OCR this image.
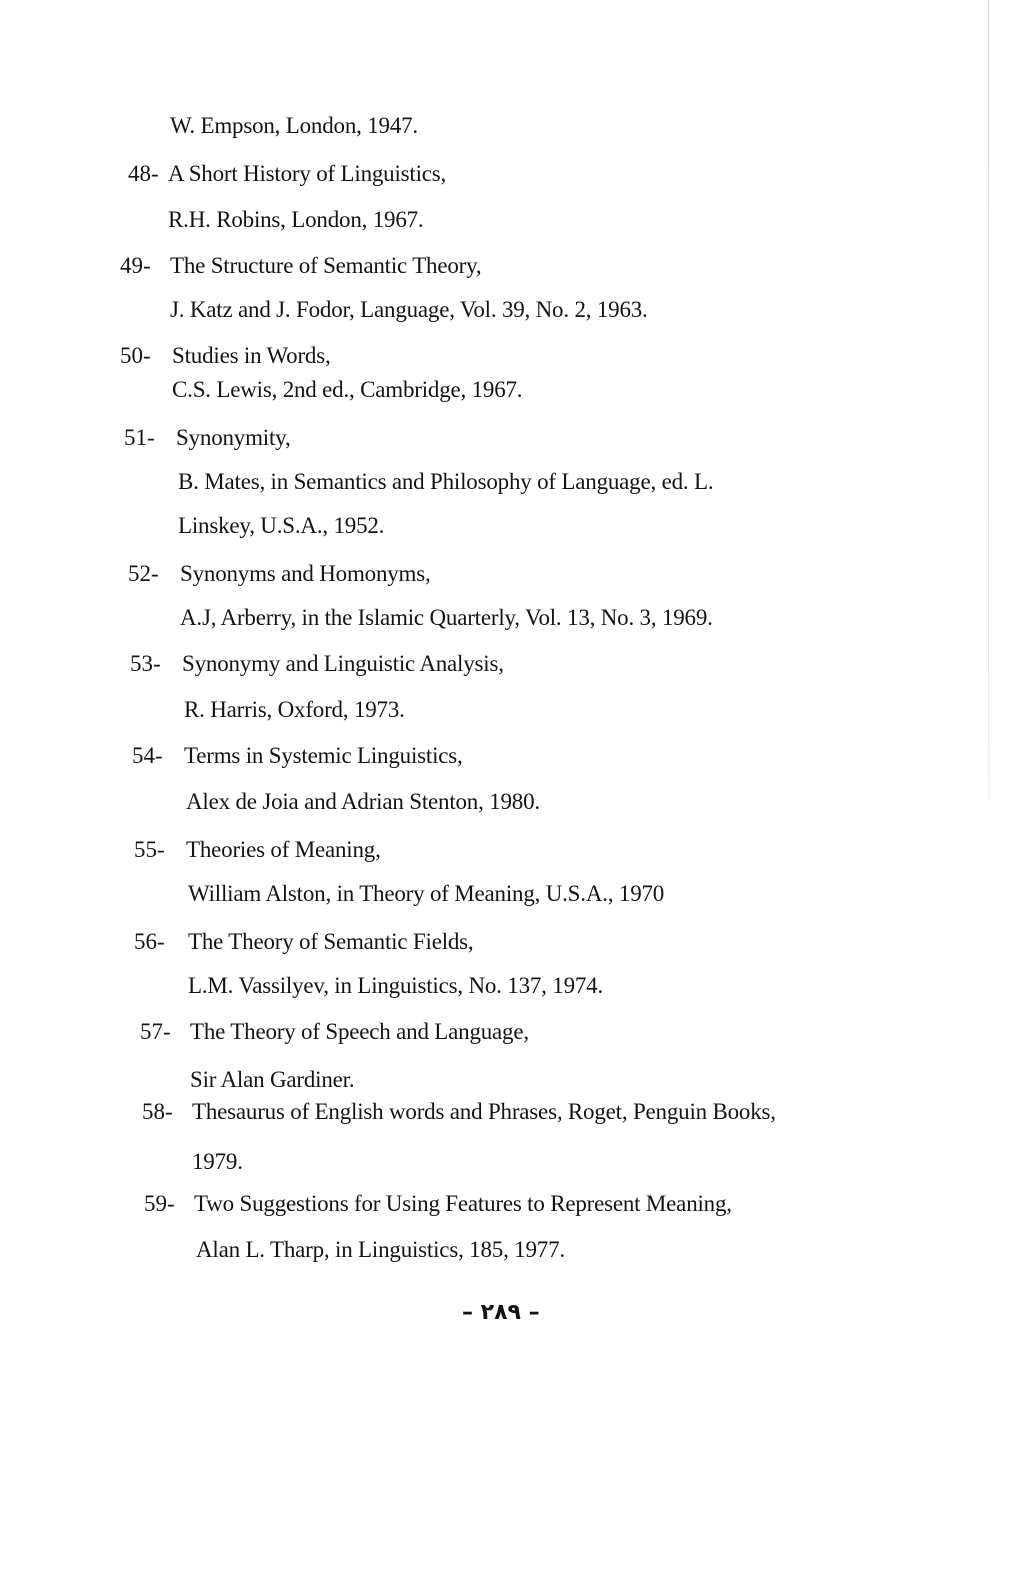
W. Empson, London, 1947.
48- A Short History of Linguistics,
R.H. Robins, London, 1967.
49- The Structure of Semantic Theory,
J. Katz and J. Fodor, Language, Vol. 39, No. 2, 1963.
50- Studies in Words,
C.S. Lewis, 2nd ed., Cambridge, 1967.
51- Synonymity,
B. Mates, in Semantics and Philosophy of Language, ed. L.
Linskey, U.S.A., 1952.
52- Synonyms and Homonyms,
A.J, Arberry, in the Islamic Quarterly, Vol. 13, No. 3, 1969.
53- Synonymy and Linguistic Analysis,
R. Harris, Oxford, 1973.
54- Terms in Systemic Linguistics,
Alex de Joia and Adrian Stenton, 1980.
55- Theories of Meaning,
William Alston, in Theory of Meaning, U.S.A., 1970
56- The Theory of Semantic Fields,
L.M. Vassilyev, in Linguistics, No. 137, 1974.
57- The Theory of Speech and Language,
Sir Alan Gardiner.
58- Thesaurus of English words and Phrases, Roget, Penguin Books,
1979.
59- Two Suggestions for Using Features to Represent Meaning,
Alan L. Tharp, in Linguistics, 185, 1977.
– ٢٨٩ –
